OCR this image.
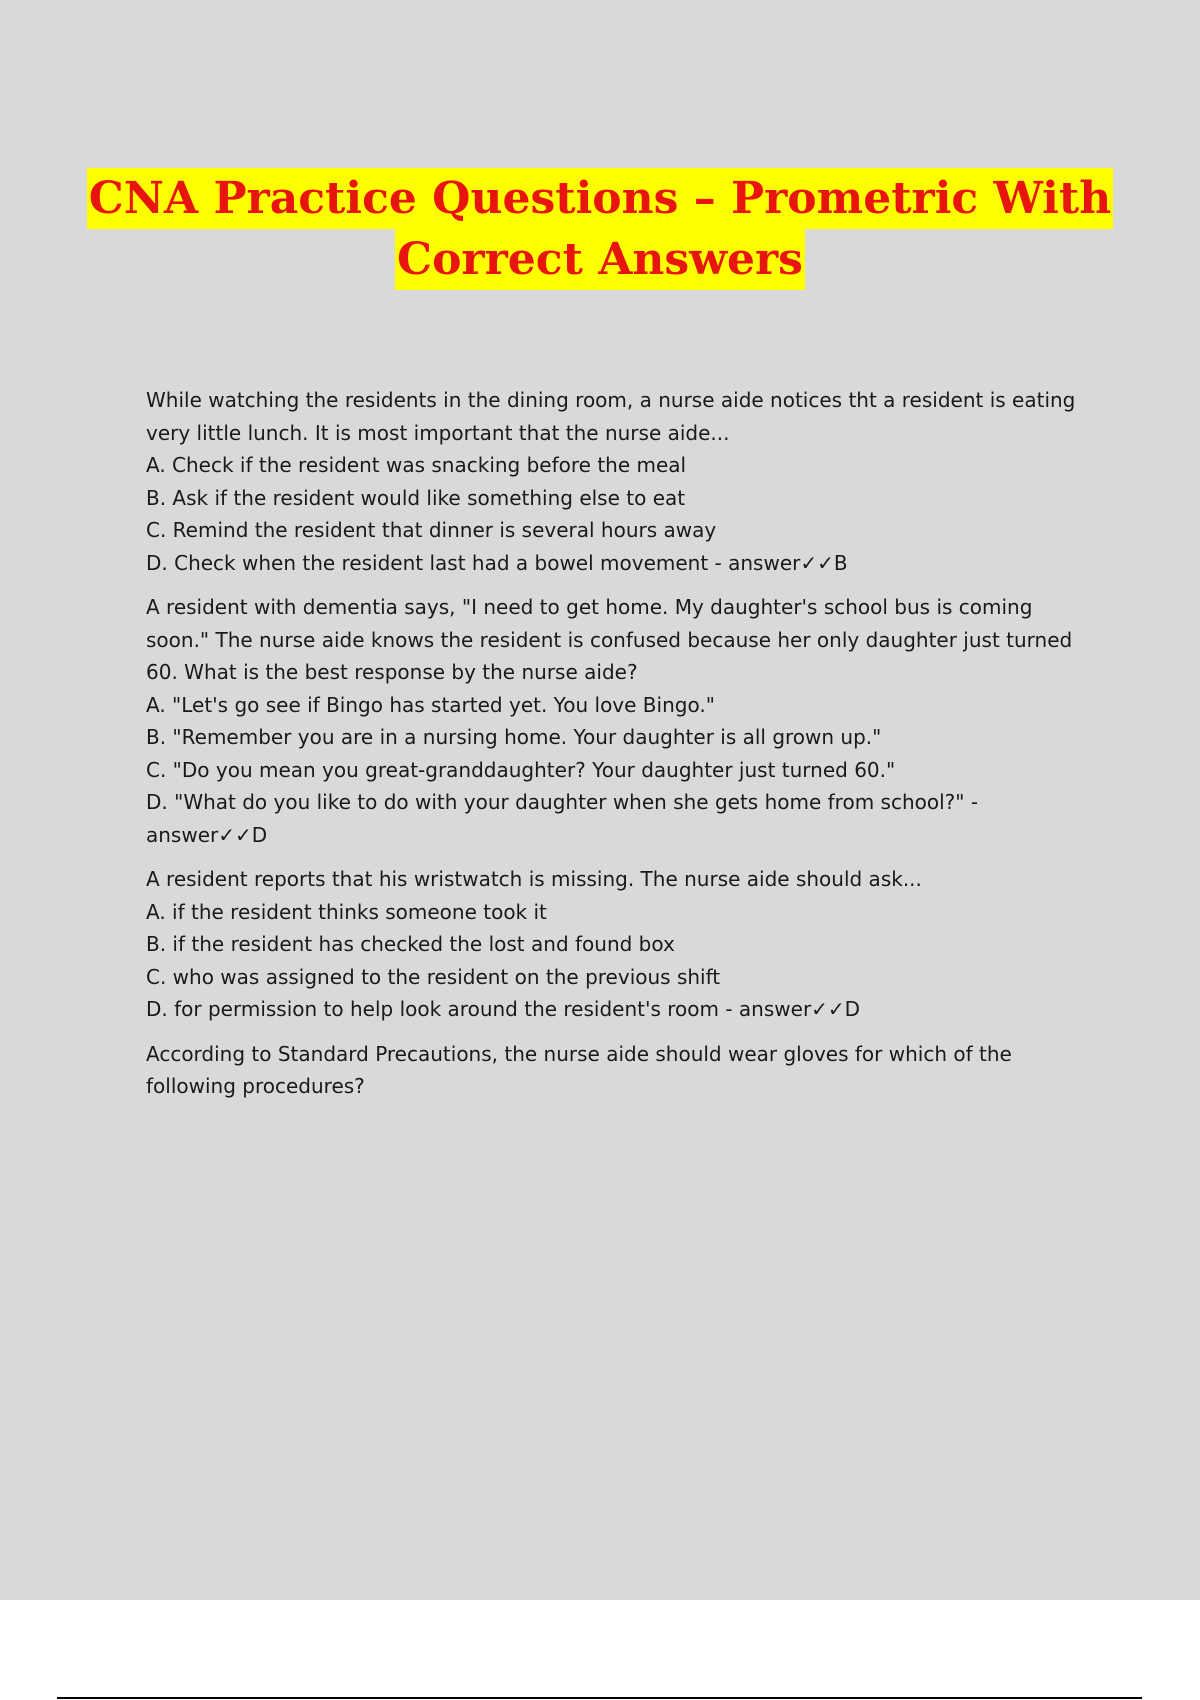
CNA Practice Questions – Prometric With
Correct Answers

While watching the residents in the dining room, a nurse aide notices tht a resident is eating very little lunch. It is most important that the nurse aide...

A. Check if the resident was snacking before the meal

B. Ask if the resident would like something else to eat

C. Remind the resident that dinner is several hours away

D. Check when the resident last had a bowel movement - answer✓✓B

A resident with dementia says, "I need to get home. My daughter's school bus is coming soon." The nurse aide knows the resident is confused because her only daughter just turned 60. What is the best response by the nurse aide?

A. "Let's go see if Bingo has started yet. You love Bingo."

B. "Remember you are in a nursing home. Your daughter is all grown up."

C. "Do you mean you great-granddaughter? Your daughter just turned 60."

D. "What do you like to do with your daughter when she gets home from school?" - answer✓✓D

A resident reports that his wristwatch is missing. The nurse aide should ask...

A. if the resident thinks someone took it

B. if the resident has checked the lost and found box

C. who was assigned to the resident on the previous shift

D. for permission to help look around the resident's room - answer✓✓D

According to Standard Precautions, the nurse aide should wear gloves for which of the following procedures?
